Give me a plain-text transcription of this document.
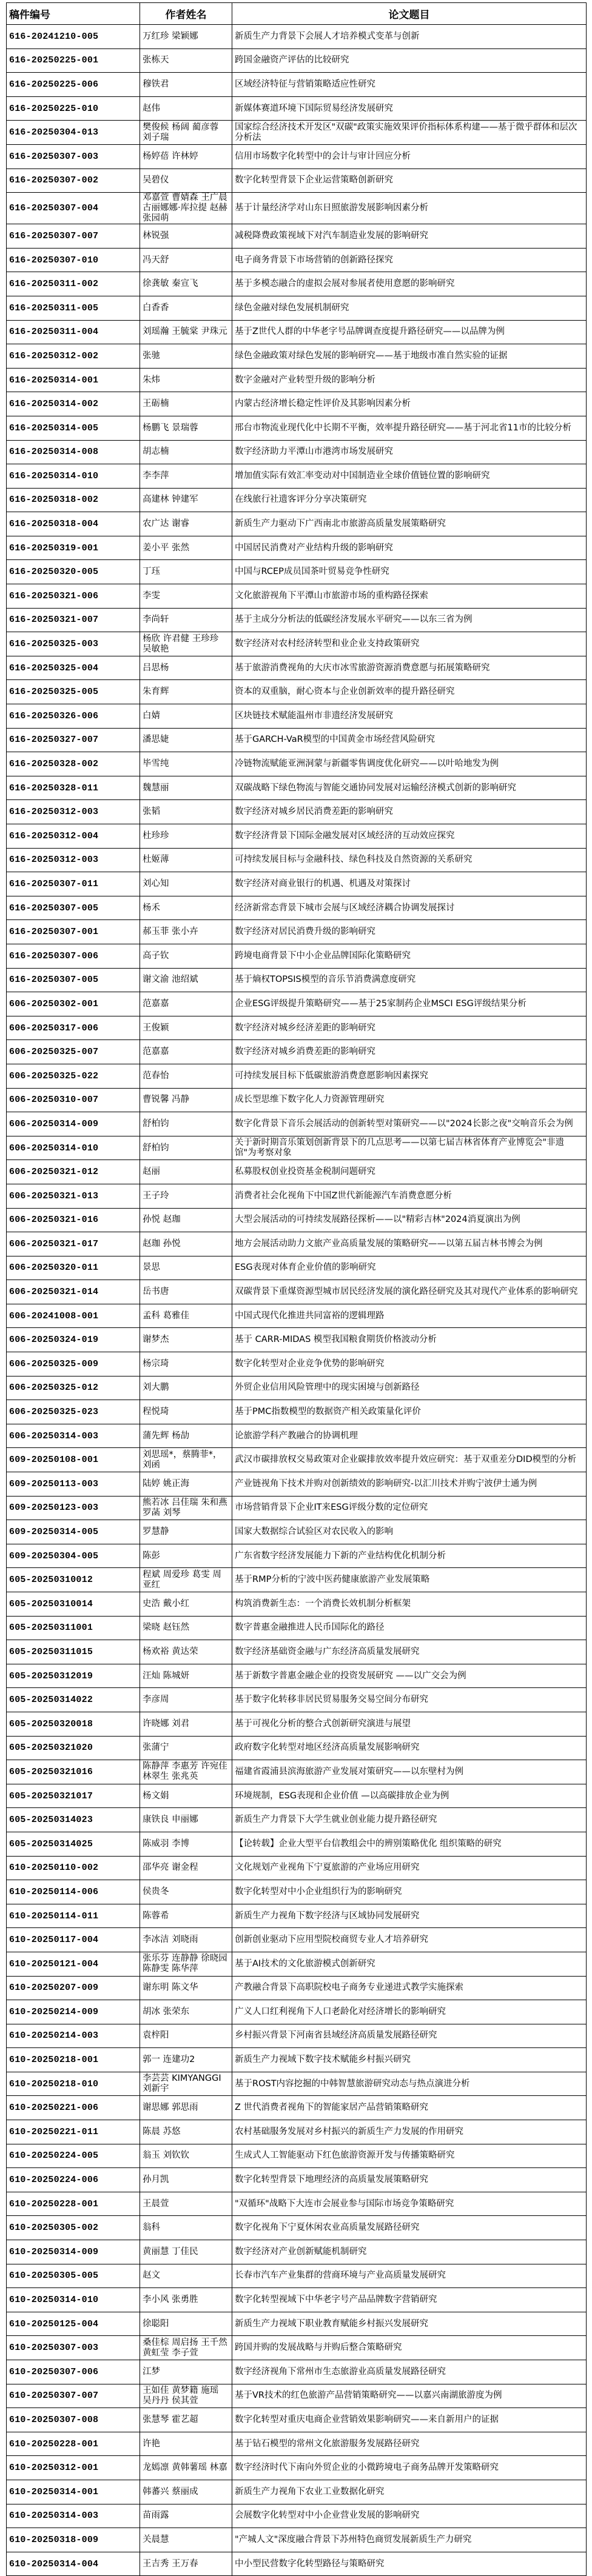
稿件编号	作者姓名	论文题目
616-20241210-005	万红珍 梁颖娜	新质生产力背景下会展人才培养模式变革与创新
616-20250225-001	张栋天	跨国金融资产评估的比较研究
616-20250225-006	穆铁君	区域经济特征与营销策略适应性研究
616-20250225-010	赵伟	新媒体赛道环境下国际贸易经济发展研究
616-20250304-013	樊俊候 杨阔 蔺彦蓉 刘子瑞	国家综合经济技术开发区"双碳"政策实施效果评价指标体系构建——基于微乎群体和层次分析法
616-20250307-003	杨婷蓓 许林婷	信用市场数字化转型中的会计与审计回应分析
616-20250307-002	吴碧仪	数字化转型背景下企业运营策略创新研究
616-20250307-004	邓嘉萱 曹婧森 王广晨 古丽娜娜·库拉提 赵赫 张园萌	基于计量经济学对山东日照旅游发展影响因素分析
616-20250307-007	林锐强	减税降费政策视域下对汽车制造业发展的影响研究
616-20250307-010	冯天舒	电子商务背景下市场营销的创新路径探究
616-20250311-002	徐龚敏 秦宣飞	基于多模态融合的虚拟会展对参展者使用意愿的影响研究
616-20250311-005	白香香	绿色金融对绿色发展机制研究
616-20250311-004	刘瑶瀚 王毓棠 尹珠元	基于Z世代人群的中华老字号品牌调查度提升路径研究——以品牌为例
616-20250312-002	张驰	绿色金融政策对绿色发展的影响研究——基于地级市准自然实验的证据
616-20250314-001	朱炜	数字金融对产业转型升级的影响分析
616-20250314-002	王砺楠	内蒙古经济增长稳定性评价及其影响因素分析
616-20250314-005	杨鹏飞 景瑞蓉	邢台市物流业现代化中长期不平衡，效率提升路径研究——基于河北省11市的比较分析
616-20250314-008	胡志楠	数字经济助力平潭山市港湾市场发展研究
616-20250314-010	李李萍	增加值实际有效汇率变动对中国制造业全球价值链位置的影响研究
616-20250318-002	高建林 钟建军	在线旅行社遗客评分分享决策研究
616-20250318-004	农广达 谢睿	新质生产力驱动下广西南北市旅游高质量发展策略研究
616-20250319-001	姜小平 张然	中国居民消费对产业结构升级的影响研究
616-20250320-005	丁珏	中国与RCEP成员国茶叶贸易竞争性研究
616-20250321-006	李雯	文化旅游视角下平潭山市旅游市场的重构路径探索
616-20250321-007	李尚轩	基于主成分分析法的低碳经济发展水平研究——以东三省为例
616-20250325-003	杨欣 许君健 王珍珍 吴敏艳	数字经济对农村经济转型和业企业支持政策研究
616-20250325-004	吕思杨	基于旅游消费视角的大庆市冰雪旅游资源消费意愿与拓展策略研究
616-20250325-005	朱育辉	资本的双重脑，耐心资本与企业创新效率的提升路径研究
616-20250326-006	白婧	区块链技术赋能温州市非遗经济发展研究
616-20250327-007	潘思婕	基于GARCH-VaR模型的中国黄金市场经营风险研究
616-20250328-002	毕雪纯	冷链物流赋能亚洲洞蒙与新疆零售调度优化研究——以叶哈地发为例
616-20250328-011	魏慧丽	双碳战略下绿色物流与智能交通协同发展对运输经济模式创新的影响研究
616-20250312-003	张韬	数字经济对城乡居民消费差距的影响研究
616-20250312-004	杜珍珍	数字经济背景下国际金融发展对区域经济的互动效应探究
616-20250312-003	杜姬薄	可持续发展目标与金融科技、绿色科技及自然资源的关系研究
616-20250307-011	刘心知	数字经济对商业银行的机遇、机遇及对策探讨
616-20250307-005	杨禾	经济新常态背景下城市会展与区域经济耦合协调发展探讨
616-20250307-001	郝玉菲 张小卉	数字经济对居民消费升级的影响研究
616-20250307-006	高子钦	跨境电商背景下中小企业品牌国际化策略研究
616-20250307-005	谢文渝 池绍斌	基于熵权TOPSIS模型的音乐节消费满意度研究
606-20250302-001	范嘉嘉	企业ESG评级提升策略研究——基于25家制药企业MSCI ESG评级结果分析
606-20250317-006	王俊颖	数字经济对城乡经济差距的影响研究
606-20250325-007	范嘉嘉	数字经济对城乡消费差距的影响研究
606-20250325-022	范春怡	可持续发展目标下低碳旅游消费意愿影响因素探究
606-20250310-007	曹锐馨 冯静	成长型思维下数字化人力资源管理研究
606-20250314-009	舒柏钧	数字化背景下音乐会展活动的创新转型对策研究——以"2024长影之夜"交响音乐会为例
606-20250314-010	舒柏钧	关于新时期音乐策划创新背景下的几点思考——以第七届吉林省体育产业博览会"非遗馆"为考察对象
606-20250321-012	赵丽	私募股权创业投资基金税制问题研究
606-20250321-013	王子玲	消费者社会化视角下中国Z世代新能源汽车消费意愿分析
606-20250321-016	孙悦 赵珈	大型会展活动的可持续发展路径探析——以"精彩吉林"2024消夏演出为例
606-20250321-017	赵珈 孙悦	地方会展活动助力文旅产业高质量发展的策略研究——以第五届吉林书博会为例
606-20250320-011	景思	ESG表现对体育企业价值的影响研究
606-20250321-014	岳书唐	双碳背景下重煤资源型城市居民经济发展的演化路径研究及其对现代产业体系的影响研究
606-20241008-001	孟科 葛雅佳	中国式现代化推进共同富裕的逻辑理路
606-20250324-019	谢梦杰	基于 CARR-MIDAS 模型我国粮食期货价格波动分析
606-20250325-009	杨宗琦	数字化转型对企业竞争优势的影响研究
606-20250325-012	刘大鹏	外贸企业信用风险管理中的现实困境与创新路径
606-20250325-023	程悦琦	基于PMC指数模型的数据资产相关政策量化评价
606-20250314-003	蒲先辉 杨劼	论旅游学科产教融合的协调机理
609-20250108-001	刘思瑶*，蔡腾菲*，刘函	武汉市碳排放权交易政策对企业碳排放效率提升效应研究：基于双重差分DID模型的分析
609-20250113-003	陆婷 姚正海	产业链视角下技术并购对创新绩效的影响研究-以汇川技术并购宁波伊士通为例
609-20250123-003	熊若冰 吕佳瑞 朱和燕 罗菡 刘琴	市场营销背景下企业IT来ESG评级分数的定位研究
609-20250314-005	罗慧静	国家大数据综合试验区对农民收入的影响
609-20250304-005	陈彭	广东省数字经济发展能力下新的产业结构优化机制分析
605-20250310012	程斌 周爱珍 葛雯 周亚红	基于RMP分析的宁波中医药健康旅游产业发展策略
605-20250310014	史浩 戴小红	构筑消费新生态：一个消费长效机制分析框架
605-20250311001	梁晓 赵钰然	数字普惠金融推进人民币国际化的路径
605-20250311015	杨欢裕 黄达荣	数字经济基础资金融与广东经济高质量发展研究
605-20250312019	汪灿 陈城妍	基于新数字普惠金融企业的投资发展研究 ——以广交会为例
605-20250314022	李彦周	基于数字化转移非居民贸易服务交易空间分布研究
605-20250320018	许晓娜 刘君	基于可视化分析的整合式创新研究演进与展望
605-20250321020	张蒲宁	政府数字化转型对地区经济高质量发展影响研究
605-20250321016	陈静萍 李惠芳 许宛佳 林翠生 张兆英	福建省霞浦县滨海旅游产业发展对策研究——以东壁村为例
605-20250321017	杨文娟	环境规制，ESG表现和企业价值 —以高碳排放企业为例
605-20250314023	康铁良 申丽娜	新质生产力背景下大学生就业创业能力提升路径研究
605-20250314025	陈威羽 李博	【论转载】企业大型平台信教组会中的辨别策略优化 组织策略的研究
610-20250110-002	邵华亮 谢金程	文化规划产业视角下宁夏旅游的产业场应用研究
610-20250114-006	侯贵冬	数字化转型对中小企业组织行为的影响研究
610-20250114-011	陈蓉希	新质生产力视角下数字经济与区域协同发展研究
610-20250117-004	李冰洁 刘晓雨	创新创业驱动下应用型院校商贸专业人才培养研究
610-20250121-004	张乐芬 连静静 徐晓园 陈静雯 陈华萍	基于AI技术的文化旅游模式创新研究
610-20250207-009	谢东明 陈文华	产教融合背景下高职院校电子商务专业递进式教学实施探索
610-20250214-009	胡冰 张荣东	广义人口红利视角下人口老龄化对经济增长的影响研究
610-20250214-003	袁梓阳	乡村振兴背景下河南省县域经济高质量发展路径研究
610-20250218-001	郭一 连建功2	新质生产力视域下数字技术赋能乡村振兴研究
610-20250218-010	李芸芸 KIMYANGGI 刘新宇	基于ROST内容挖掘的中韩智慧旅游研究动态与热点演进分析
610-20250221-006	谢思娜 郭思雨	Z 世代消费者视角下的智能家居产品营销策略研究
610-20250221-011	陈晨 苏悠	农村基础服务发展对乡村振兴的新质生产力发展的作用研究
610-20250224-005	翁玉 刘钦钦	生成式人工智能驱动下红色旅游资源开发与传播策略研究
610-20250224-006	孙月凯	数字化转型背景下地理经济的高质量发展策略研究
610-20250228-001	王晨萱	"双循环"战略下大连市会展业参与国际市场竞争策略研究
610-20250305-002	翁科	数字化视角下宁夏休闲农业高质量发展路径研究
610-20250314-009	黄丽慧 丁佳民	数字经济对产业创新赋能机制研究
610-20250305-005	赵文	长春市汽车产业集群的营商环境与产业高质量发展研究
610-20250314-010	李小风 张勇胜	数字化转型视域下中华老字号产品品牌数字营销研究
610-20250125-004	徐聪阳	新质生产力视域下职业教育赋能乡村振兴发展研究
610-20250307-003	桑佳棕 周启扬 王千然 黄虹莹 李子萱	跨国并购的发展战略与并购后整合策略研究
610-20250307-006	江梦	数字经济视角下常州市生态旅游业高质量发展路径研究
610-20250307-007	王如佳 黄梦籍 施瑶 吴丹丹 侯其萱	基于VR技术的红色旅游产品营销策略研究——以嘉兴南湖旅游度为例
610-20250307-008	张慧琴 霍艺超	数字化转型对重庆电商企业营销效果影响研究——来自新用户的证据
610-20250228-001	许艳	基于钻石模型的常州文化旅游服务发展路径研究
610-20250312-001	龙嫣凛 黄韩薯瑶 林嘉	数字经济时代下南向外贸企业的小微跨境电子商务品牌开发策略研究
610-20250314-001	韩蕃兴 蔡丽成	新质生产力视角下农业工业数据化研究
610-20250314-003	苗雨露	会展数字化转型对中小企业营业发展的影响研究
610-20250318-009	关晨慧	"产城人文"深度融合背景下苏州特色商贸发展新质生产力研究
610-20250314-004	王吉秀 王万春	中小型民营数字化转型路径与策略研究
